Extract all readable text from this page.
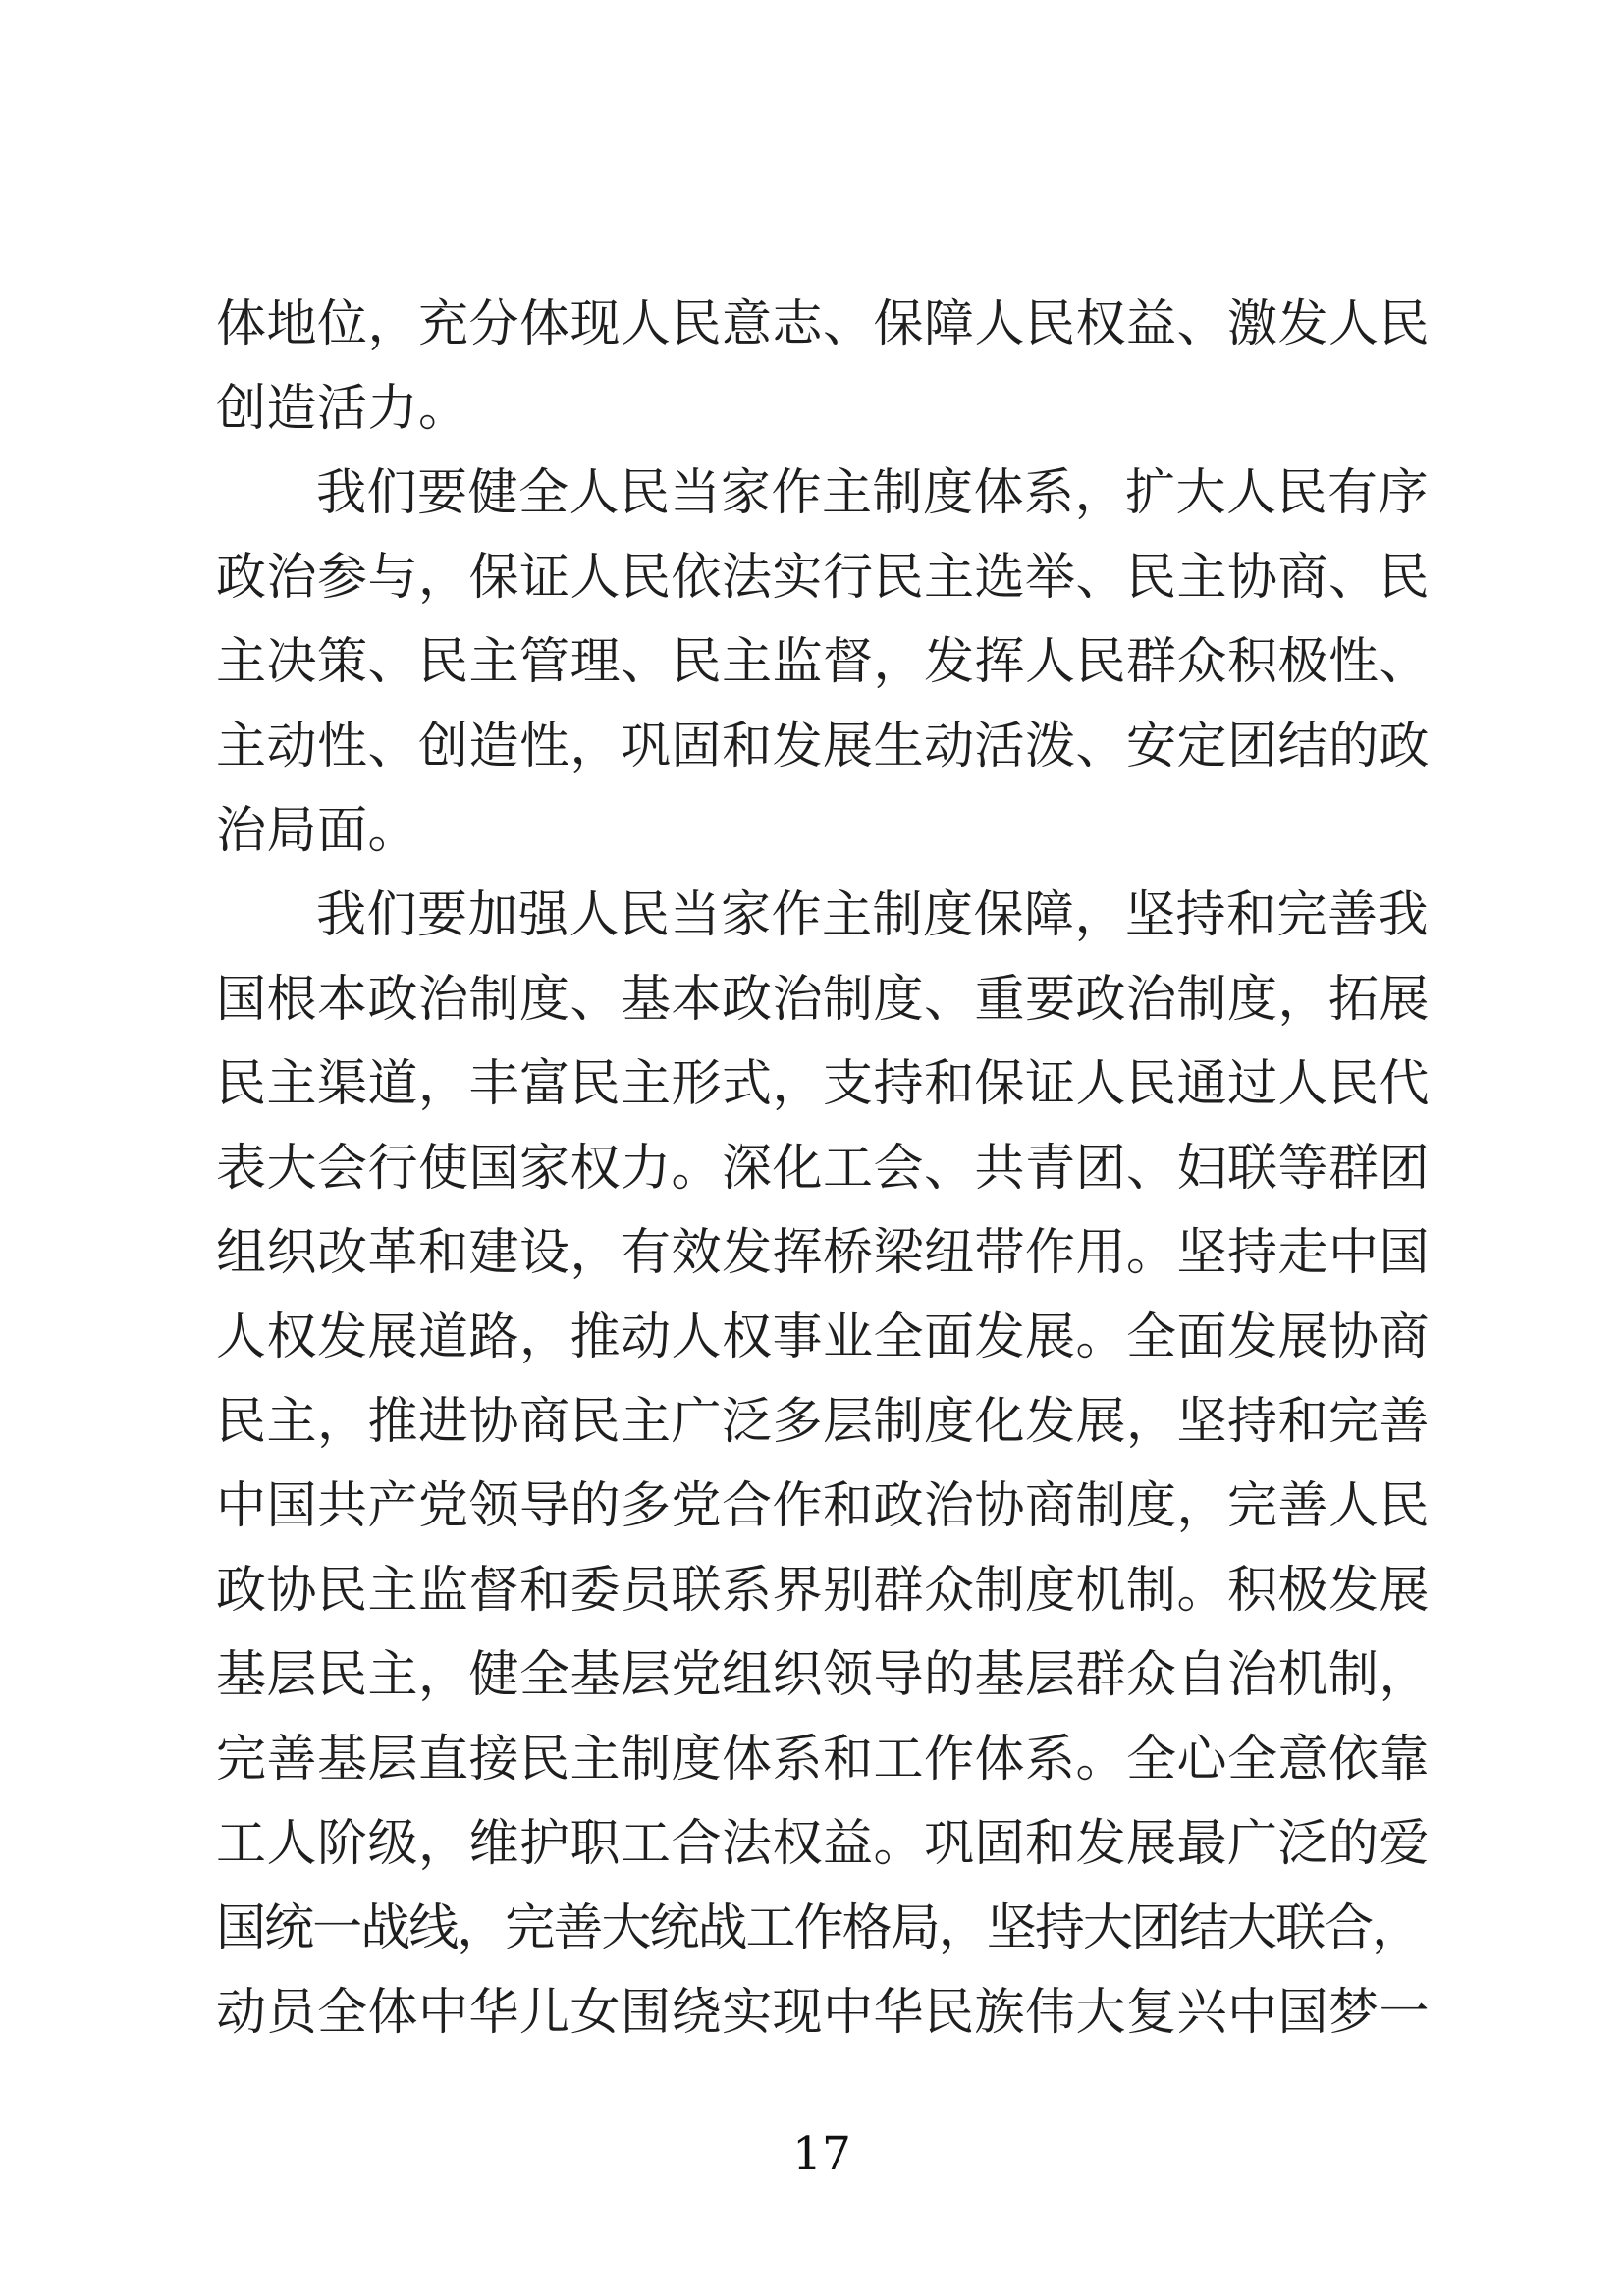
体地位，充分体现人民意志、保障人民权益、激发人民
创造活力。
我们要健全人民当家作主制度体系，扩大人民有序
政治参与，保证人民依法实行民主选举、民主协商、民
主决策、民主管理、民主监督，发挥人民群众积极性、
主动性、创造性，巩固和发展生动活泼、安定团结的政
治局面。
我们要加强人民当家作主制度保障，坚持和完善我
国根本政治制度、基本政治制度、重要政治制度，拓展
民主渠道，丰富民主形式，支持和保证人民通过人民代
表大会行使国家权力。深化工会、共青团、妇联等群团
组织改革和建设，有效发挥桥梁纽带作用。坚持走中国
人权发展道路，推动人权事业全面发展。全面发展协商
民主，推进协商民主广泛多层制度化发展，坚持和完善
中国共产党领导的多党合作和政治协商制度，完善人民
政协民主监督和委员联系界别群众制度机制。积极发展
基层民主，健全基层党组织领导的基层群众自治机制，
完善基层直接民主制度体系和工作体系。全心全意依靠
工人阶级，维护职工合法权益。巩固和发展最广泛的爱
国统一战线，完善大统战工作格局，坚持大团结大联合，
动员全体中华儿女围绕实现中华民族伟大复兴中国梦一
17
